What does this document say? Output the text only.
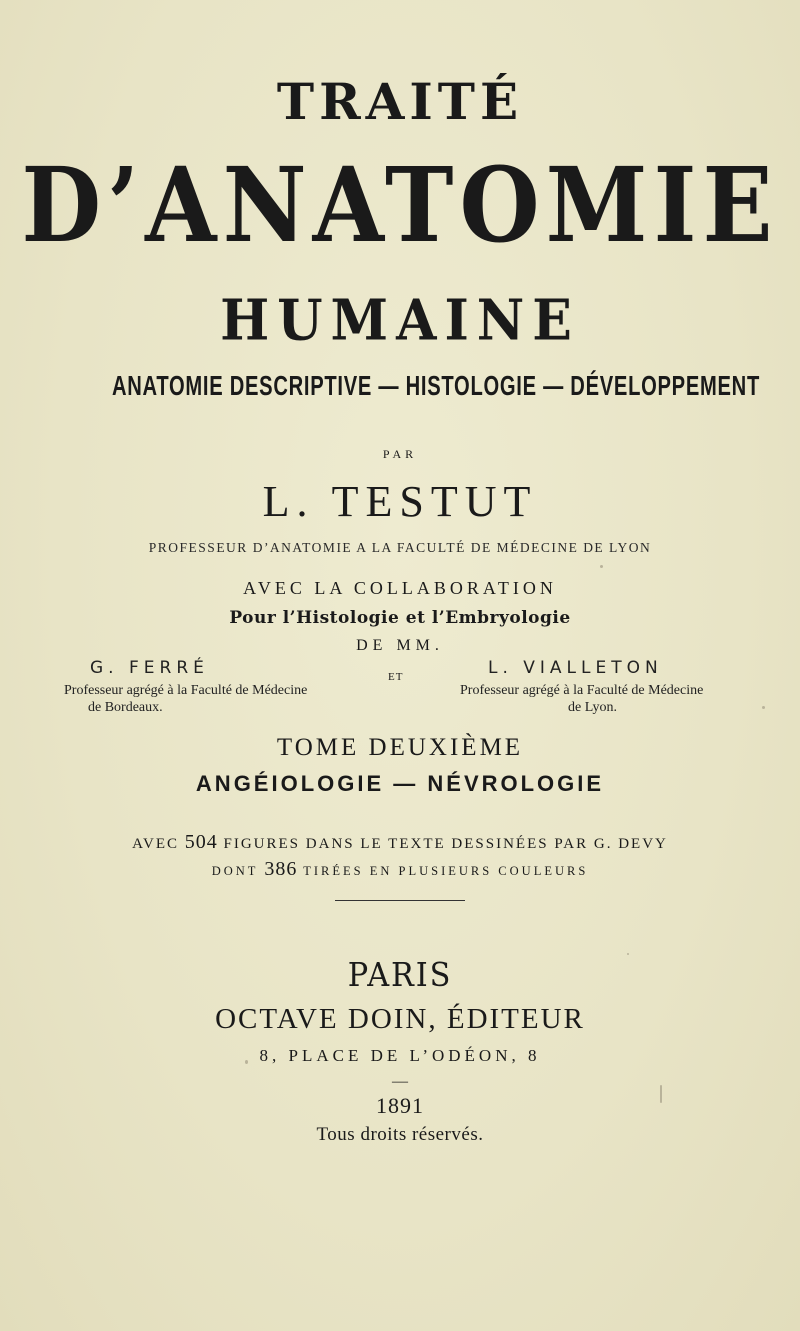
TRAITÉ
D’ANATOMIE
HUMAINE
ANATOMIE DESCRIPTIVE — HISTOLOGIE — DÉVELOPPEMENT
PAR
L. TESTUT
PROFESSEUR D’ANATOMIE A LA FACULTÉ DE MÉDECINE DE LYON
AVEC LA COLLABORATION
Pour l’Histologie et l’Embryologie
DE MM.
G. FERRÉ
Professeur agrégé à la Faculté de Médecine
de Bordeaux.
ET	L. VIALLETON
Professeur agrégé à la Faculté de Médecine
de Lyon.
TOME DEUXIÈME
ANGÉIOLOGIE — NÉVROLOGIE
AVEC 504 FIGURES DANS LE TEXTE DESSINÉES PAR G. DEVY
DONT 386 TIRÉES EN PLUSIEURS COULEURS
PARIS
OCTAVE DOIN, ÉDITEUR
8, PLACE DE L’ODÉON, 8
—
1891
Tous droits réservés.
